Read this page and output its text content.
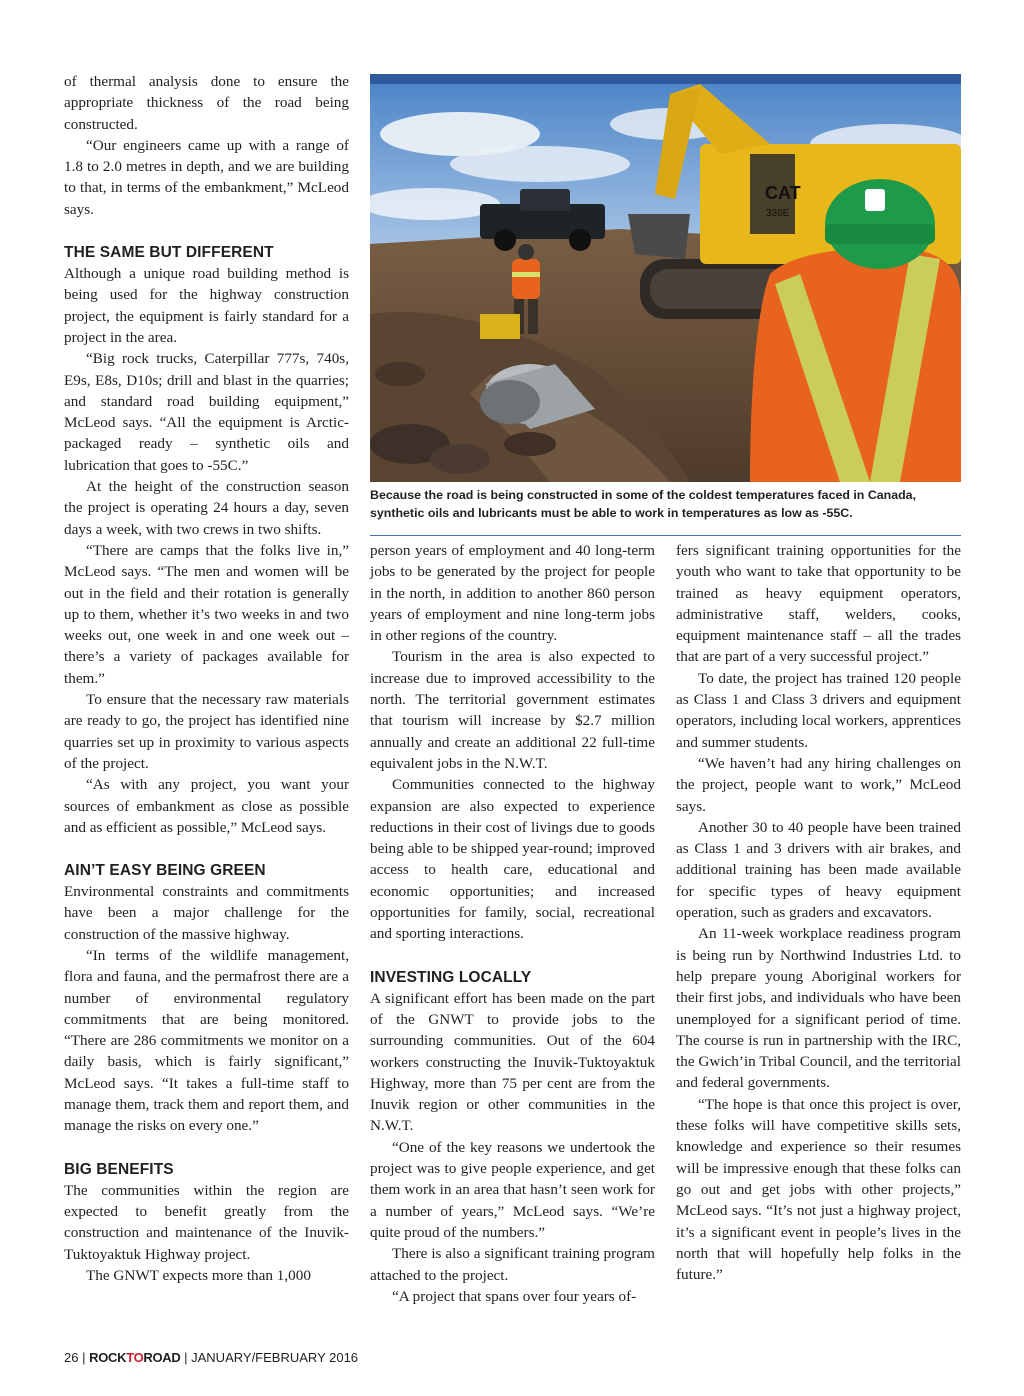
of thermal analysis done to ensure the appropriate thickness of the road being constructed.

“Our engineers came up with a range of 1.8 to 2.0 metres in depth, and we are building to that, in terms of the embankment,” McLeod says.

THE SAME BUT DIFFERENT

Although a unique road building method is being used for the highway construction project, the equipment is fairly standard for a project in the area.

“Big rock trucks, Caterpillar 777s, 740s, E9s, E8s, D10s; drill and blast in the quarries; and standard road building equipment,” McLeod says. “All the equipment is Arctic-packaged ready – synthetic oils and lubrication that goes to -55C.”

At the height of the construction season the project is operating 24 hours a day, seven days a week, with two crews in two shifts.

“There are camps that the folks live in,” McLeod says. “The men and women will be out in the field and their rotation is generally up to them, whether it’s two weeks in and two weeks out, one week in and one week out – there’s a variety of packages available for them.”

To ensure that the necessary raw materials are ready to go, the project has identified nine quarries set up in proximity to various aspects of the project.

“As with any project, you want your sources of embankment as close as possible and as efficient as possible,” McLeod says.

AIN’T EASY BEING GREEN

Environmental constraints and commitments have been a major challenge for the construction of the massive highway.

“In terms of the wildlife management, flora and fauna, and the permafrost there are a number of environmental regulatory commitments that are being monitored. “There are 286 commitments we monitor on a daily basis, which is fairly significant,” McLeod says. “It takes a full-time staff to manage them, track them and report them, and manage the risks on every one.”

BIG BENEFITS

The communities within the region are expected to benefit greatly from the construction and maintenance of the Inuvik-Tuktoyaktuk Highway project.

The GNWT expects more than 1,000

CAT
336E
Because the road is being constructed in some of the coldest temperatures faced in Canada, synthetic oils and lubricants must be able to work in temperatures as low as -55C.

person years of employment and 40 long-term jobs to be generated by the project for people in the north, in addition to another 860 person years of employment and nine long-term jobs in other regions of the country.

Tourism in the area is also expected to increase due to improved accessibility to the north. The territorial government estimates that tourism will increase by $2.7 million annually and create an additional 22 full-time equivalent jobs in the N.W.T.

Communities connected to the highway expansion are also expected to experience reductions in their cost of livings due to goods being able to be shipped year-round; improved access to health care, educational and economic opportunities; and increased opportunities for family, social, recreational and sporting interactions.

INVESTING LOCALLY

A significant effort has been made on the part of the GNWT to provide jobs to the surrounding communities. Out of the 604 workers constructing the Inuvik-Tuktoyaktuk Highway, more than 75 per cent are from the Inuvik region or other communities in the N.W.T.

“One of the key reasons we undertook the project was to give people experience, and get them work in an area that hasn’t seen work for a number of years,” McLeod says. “We’re quite proud of the numbers.”

There is also a significant training program attached to the project.

“A project that spans over four years of-

fers significant training opportunities for the youth who want to take that opportunity to be trained as heavy equipment operators, administrative staff, welders, cooks, equipment maintenance staff – all the trades that are part of a very successful project.”

To date, the project has trained 120 people as Class 1 and Class 3 drivers and equipment operators, including local workers, apprentices and summer students.

“We haven’t had any hiring challenges on the project, people want to work,” McLeod says.

Another 30 to 40 people have been trained as Class 1 and 3 drivers with air brakes, and additional training has been made available for specific types of heavy equipment operation, such as graders and excavators.

An 11-week workplace readiness program is being run by Northwind Industries Ltd. to help prepare young Aboriginal workers for their first jobs, and individuals who have been unemployed for a significant period of time. The course is run in partnership with the IRC, the Gwich’in Tribal Council, and the territorial and federal governments.

“The hope is that once this project is over, these folks will have competitive skills sets, knowledge and experience so their resumes will be impressive enough that these folks can go out and get jobs with other projects,” McLeod says. “It’s not just a highway project, it’s a significant event in people’s lives in the north that will hopefully help folks in the future.”

26 | ROCKTOROAD | JANUARY/FEBRUARY 2016
